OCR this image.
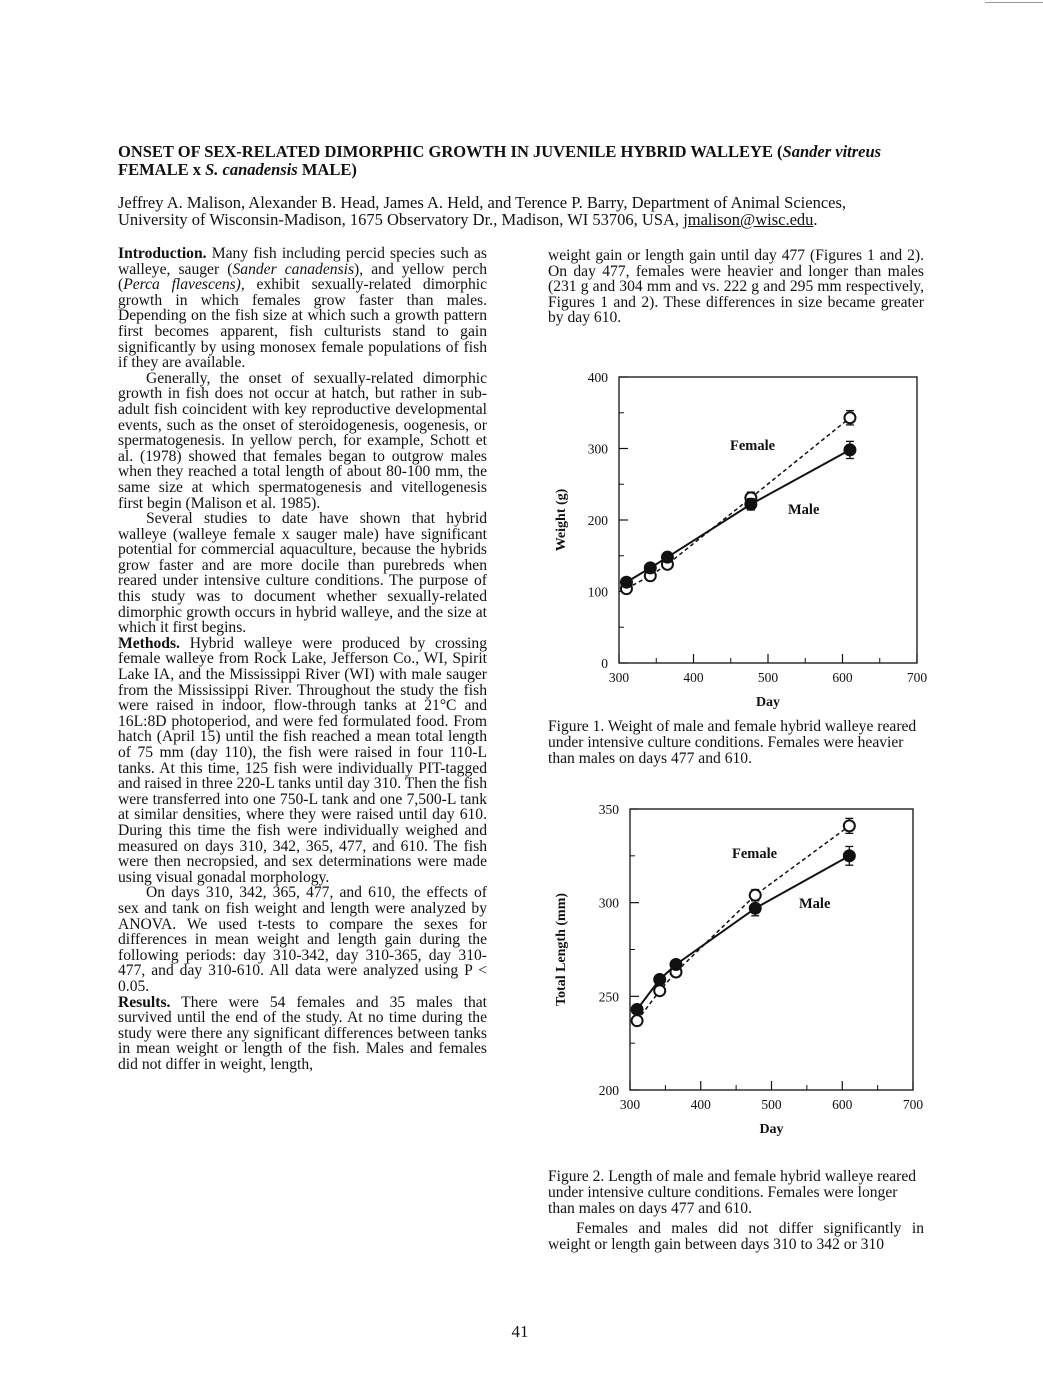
ONSET OF SEX-RELATED DIMORPHIC GROWTH IN JUVENILE HYBRID WALLEYE (Sander vitreus
FEMALE x S. canadensis MALE)
Jeffrey A. Malison, Alexander B. Head, James A. Held, and Terence P. Barry, Department of Animal Sciences,
University of Wisconsin-Madison, 1675 Observatory Dr., Madison, WI 53706, USA, jmalison@wisc.edu.

Introduction. Many fish including percid species such as walleye, sauger (Sander canadensis), and yellow perch (Perca flavescens), exhibit sexually-related dimorphic growth in which females grow faster than males. Depending on the fish size at which such a growth pattern first becomes apparent, fish culturists stand to gain significantly by using monosex female populations of fish if they are available.

Generally, the onset of sexually-related dimorphic growth in fish does not occur at hatch, but rather in sub-adult fish coincident with key reproductive developmental events, such as the onset of steroidogenesis, oogenesis, or spermatogenesis. In yellow perch, for example, Schott et al. (1978) showed that females began to outgrow males when they reached a total length of about 80-100 mm, the same size at which spermatogenesis and vitellogenesis first begin (Malison et al. 1985).

Several studies to date have shown that hybrid walleye (walleye female x sauger male) have significant potential for commercial aquaculture, because the hybrids grow faster and are more docile than purebreds when reared under intensive culture conditions. The purpose of this study was to document whether sexually-related dimorphic growth occurs in hybrid walleye, and the size at which it first begins.

Methods. Hybrid walleye were produced by crossing female walleye from Rock Lake, Jefferson Co., WI, Spirit Lake IA, and the Mississippi River (WI) with male sauger from the Mississippi River. Throughout the study the fish were raised in indoor, flow-through tanks at 21°C and 16L:8D photoperiod, and were fed formulated food. From hatch (April 15) until the fish reached a mean total length of 75 mm (day 110), the fish were raised in four 110-L tanks. At this time, 125 fish were individually PIT-tagged and raised in three 220-L tanks until day 310. Then the fish were transferred into one 750-L tank and one 7,500-L tank at similar densities, where they were raised until day 610. During this time the fish were individually weighed and measured on days 310, 342, 365, 477, and 610. The fish were then necropsied, and sex determinations were made using visual gonadal morphology.

On days 310, 342, 365, 477, and 610, the effects of sex and tank on fish weight and length were analyzed by ANOVA. We used t-tests to compare the sexes for differences in mean weight and length gain during the following periods: day 310-342, day 310-365, day 310-477, and day 310-610. All data were analyzed using P < 0.05.

Results. There were 54 females and 35 males that survived until the end of the study. At no time during the study were there any significant differences between tanks in mean weight or length of the fish. Males and females did not differ in weight, length,

weight gain or length gain until day 477 (Figures 1 and 2). On day 477, females were heavier and longer than males (231 g and 304 mm and vs. 222 g and 295 mm respectively, Figures 1 and 2). These differences in size became greater by day 610.

300	400	500	600	700
0
100
200
300
400
Day
Weight (g)
Female
Male
Figure 1. Weight of male and female hybrid walleye reared under intensive culture conditions. Females were heavier than males on days 477 and 610.
300	400	500	600	700
200
250
300
350
Day
Total Length (mm)
Female
Male
Figure 2. Length of male and female hybrid walleye reared under intensive culture conditions. Females were longer than males on days 477 and 610.

Females and males did not differ significantly in weight or length gain between days 310 to 342 or 310

41
